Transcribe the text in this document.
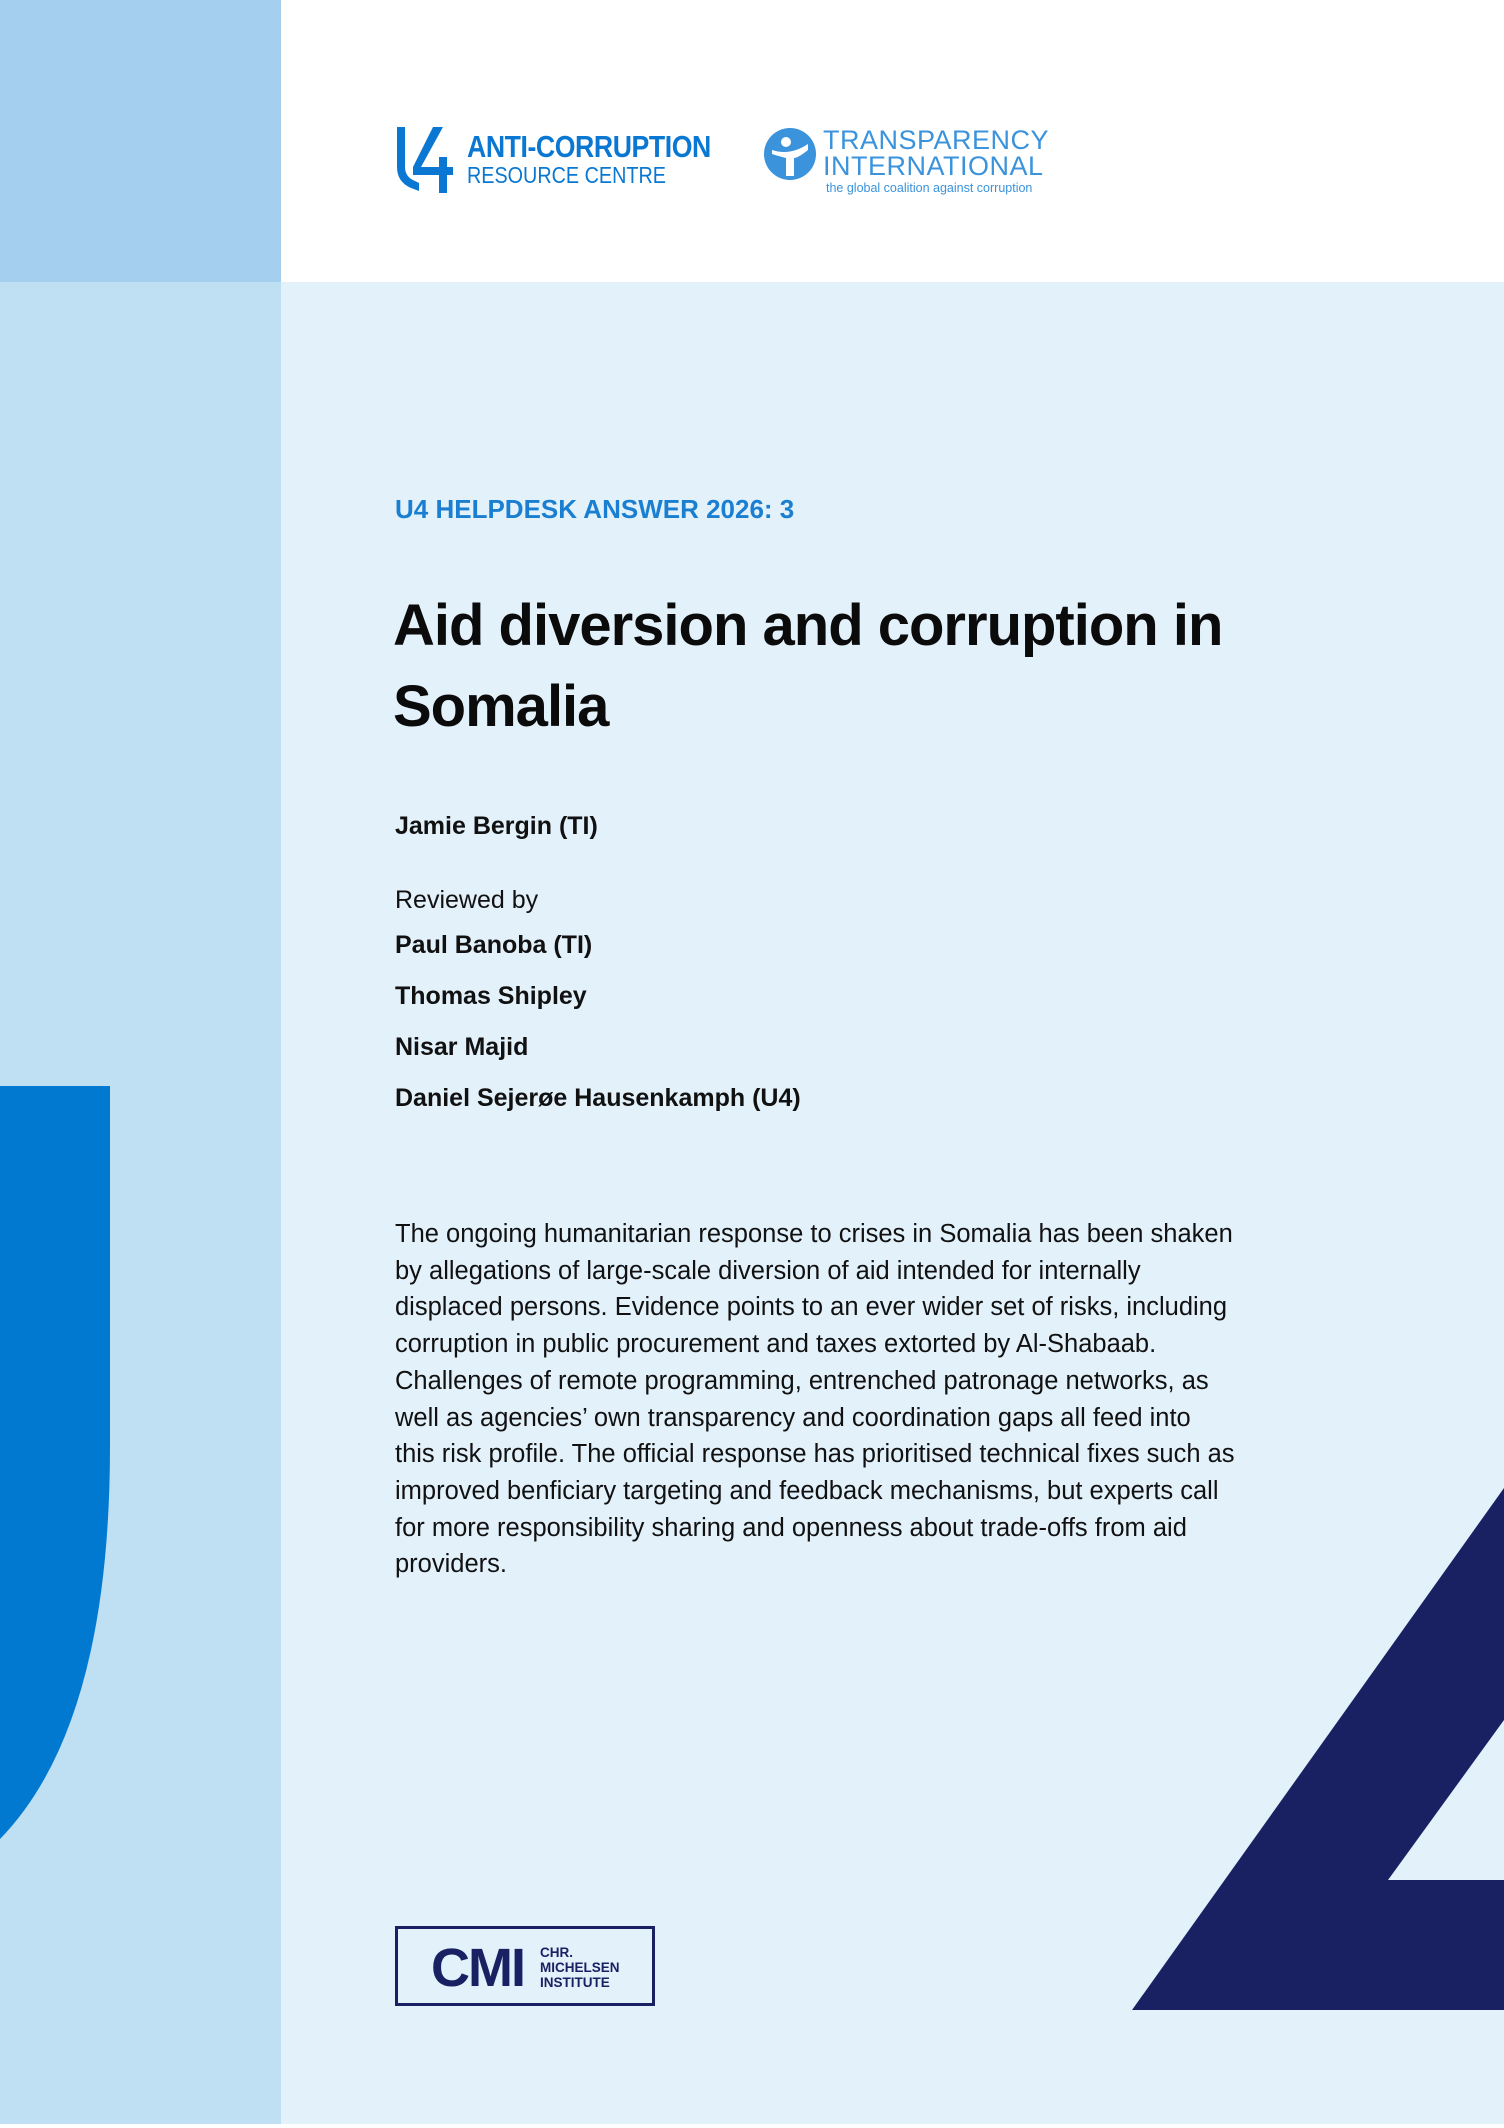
ANTI-CORRUPTION
RESOURCE CENTRE
TRANSPARENCY
INTERNATIONAL
the global coalition against corruption
U4 HELPDESK ANSWER 2026: 3
Aid diversion and corruption in Somalia
Jamie Bergin (TI)
Reviewed by
Paul Banoba (TI)
Thomas Shipley
Nisar Majid
Daniel Sejerøe Hausenkamph (U4)

The ongoing humanitarian response to crises in Somalia has been shaken by allegations of large-scale diversion of aid intended for internally displaced persons. Evidence points to an ever wider set of risks, including corruption in public procurement and taxes extorted by Al-Shabaab. Challenges of remote programming, entrenched patronage networks, as well as agencies’ own transparency and coordination gaps all feed into this risk profile. The official response has prioritised technical fixes such as improved benficiary targeting and feedback mechanisms, but experts call for more responsibility sharing and openness about trade-offs from aid providers.

CMI CHR.
MICHELSEN
INSTITUTE
